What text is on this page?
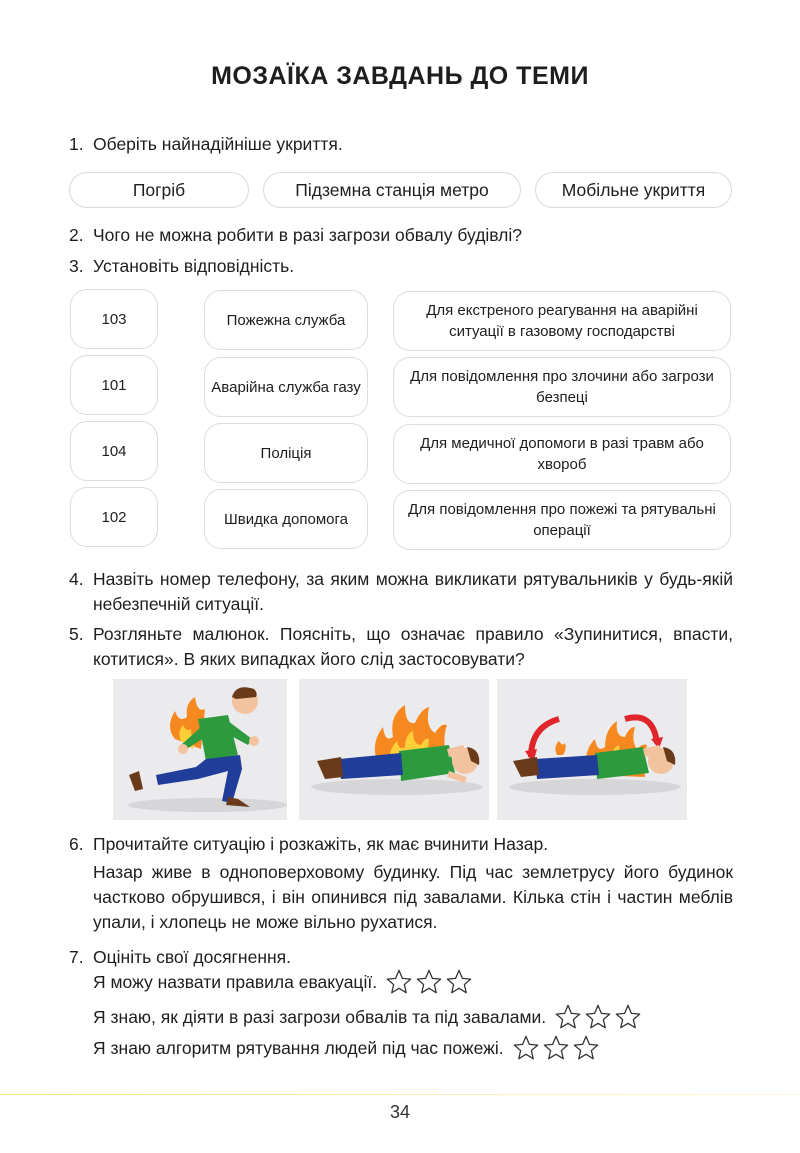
МОЗАЇКА ЗАВДАНЬ ДО ТЕМИ
1. Оберіть найнадійніше укриття.
Погріб	Підземна станція метро	Мобільне укриття
2. Чого не можна робити в разі загрози обвалу будівлі?
3. Установіть відповідність.
103
101
104
102
Пожежна служба
Аварійна служба газу
Поліція
Швидка допомога
Для екстреного реагування на аварійні ситуації в газовому господарстві
Для повідомлення про злочини або загрози безпеці
Для медичної допомоги в разі травм або хвороб
Для повідомлення про пожежі та рятувальні операції
4. Назвіть номер телефону, за яким можна викликати рятувальників у будь-якій небезпечній ситуації.
5. Розгляньте малюнок. Поясніть, що означає правило «Зупинитися, впасти, котитися». В яких випадках його слід застосовувати?
6. Прочитайте ситуацію і розкажіть, як має вчинити Назар.
Назар живе в одноповерховому будинку. Під час землетрусу його будинок частково обрушився, і він опинився під завалами. Кілька стін і частин меблів упали, і хлопець не може вільно рухатися.
7. Оцініть свої досягнення.
Я можу назвати правила евакуації.
Я знаю, як діяти в разі загрози обвалів та під завалами.
Я знаю алгоритм рятування людей під час пожежі.
34
